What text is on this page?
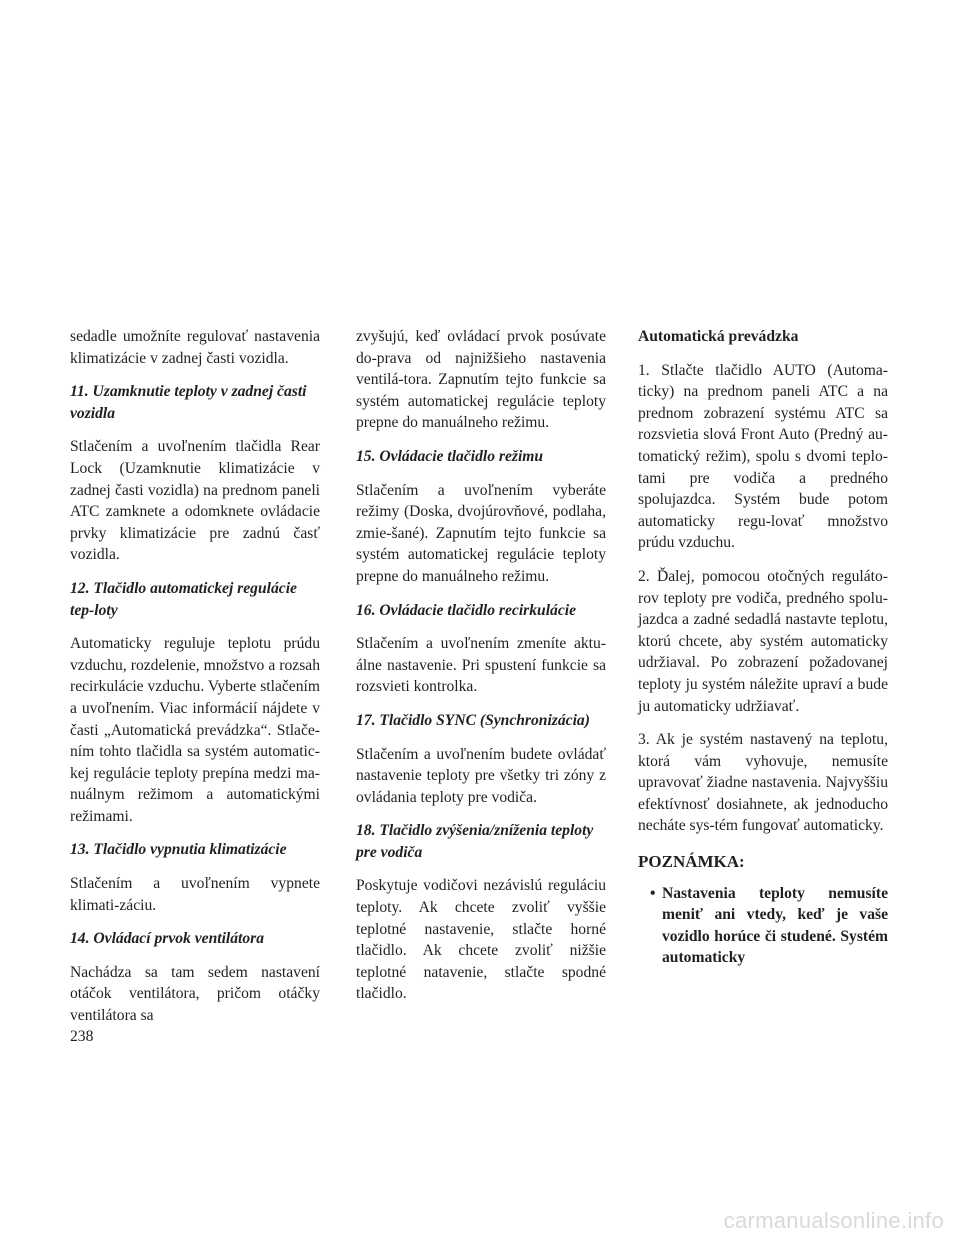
sedadle umožníte regulovať nastavenia klimatizácie v zadnej časti vozidla.

11. Uzamknutie teploty v zadnej časti vozidla

Stlačením a uvoľnením tlačidla Rear Lock (Uzamknutie klimatizácie v zadnej časti vozidla) na prednom paneli ATC zamknete a odomknete ovládacie prvky klimatizácie pre zadnú časť vozidla.

12. Tlačidlo automatickej regulácie tep-loty

Automaticky reguluje teplotu prúdu vzduchu, rozdelenie, množstvo a rozsah recirkulácie vzduchu. Vyberte stlačením a uvoľnením. Viac informácií nájdete v časti „Automatická prevádzka“. Stlače-ním tohto tlačidla sa systém automatic-kej regulácie teploty prepína medzi ma-nuálnym režimom a automatickými režimami.

13. Tlačidlo vypnutia klimatizácie

Stlačením a uvoľnením vypnete klimati-záciu.

14. Ovládací prvok ventilátora

Nachádza sa tam sedem nastavení otáčok ventilátora, pričom otáčky ventilátora sa

zvyšujú, keď ovládací prvok posúvate do-prava od najnižšieho nastavenia ventilá-tora. Zapnutím tejto funkcie sa systém automatickej regulácie teploty prepne do manuálneho režimu.

15. Ovládacie tlačidlo režimu

Stlačením a uvoľnením vyberáte režimy (Doska, dvojúrovňové, podlaha, zmie-šané). Zapnutím tejto funkcie sa systém automatickej regulácie teploty prepne do manuálneho režimu.

16. Ovládacie tlačidlo recirkulácie

Stlačením a uvoľnením zmeníte aktu-álne nastavenie. Pri spustení funkcie sa rozsvieti kontrolka.

17. Tlačidlo SYNC (Synchronizácia)

Stlačením a uvoľnením budete ovládať nastavenie teploty pre všetky tri zóny z ovládania teploty pre vodiča.

18. Tlačidlo zvýšenia/zníženia teploty pre vodiča

Poskytuje vodičovi nezávislú reguláciu teploty. Ak chcete zvoliť vyššie teplotné nastavenie, stlačte horné tlačidlo. Ak chcete zvoliť nižšie teplotné natavenie, stlačte spodné tlačidlo.

Automatická prevádzka

1. Stlačte tlačidlo AUTO (Automa-ticky) na prednom paneli ATC a na prednom zobrazení systému ATC sa rozsvietia slová Front Auto (Predný au-tomatický režim), spolu s dvomi teplo-tami pre vodiča a predného spolujazdca. Systém bude potom automaticky regu-lovať množstvo prúdu vzduchu.

2. Ďalej, pomocou otočných reguláto-rov teploty pre vodiča, predného spolu-jazdca a zadné sedadlá nastavte teplotu, ktorú chcete, aby systém automaticky udržiaval. Po zobrazení požadovanej teploty ju systém náležite upraví a bude ju automaticky udržiavať.

3. Ak je systém nastavený na teplotu, ktorá vám vyhovuje, nemusíte upravovať žiadne nastavenia. Najvyššiu efektívnosť dosiahnete, ak jednoducho necháte sys-tém fungovať automaticky.

POZNÁMKA:

• Nastavenia teploty nemusíte meniť ani vtedy, keď je vaše vozidlo horúce či studené. Systém automaticky

238
carmanualsonline.info
